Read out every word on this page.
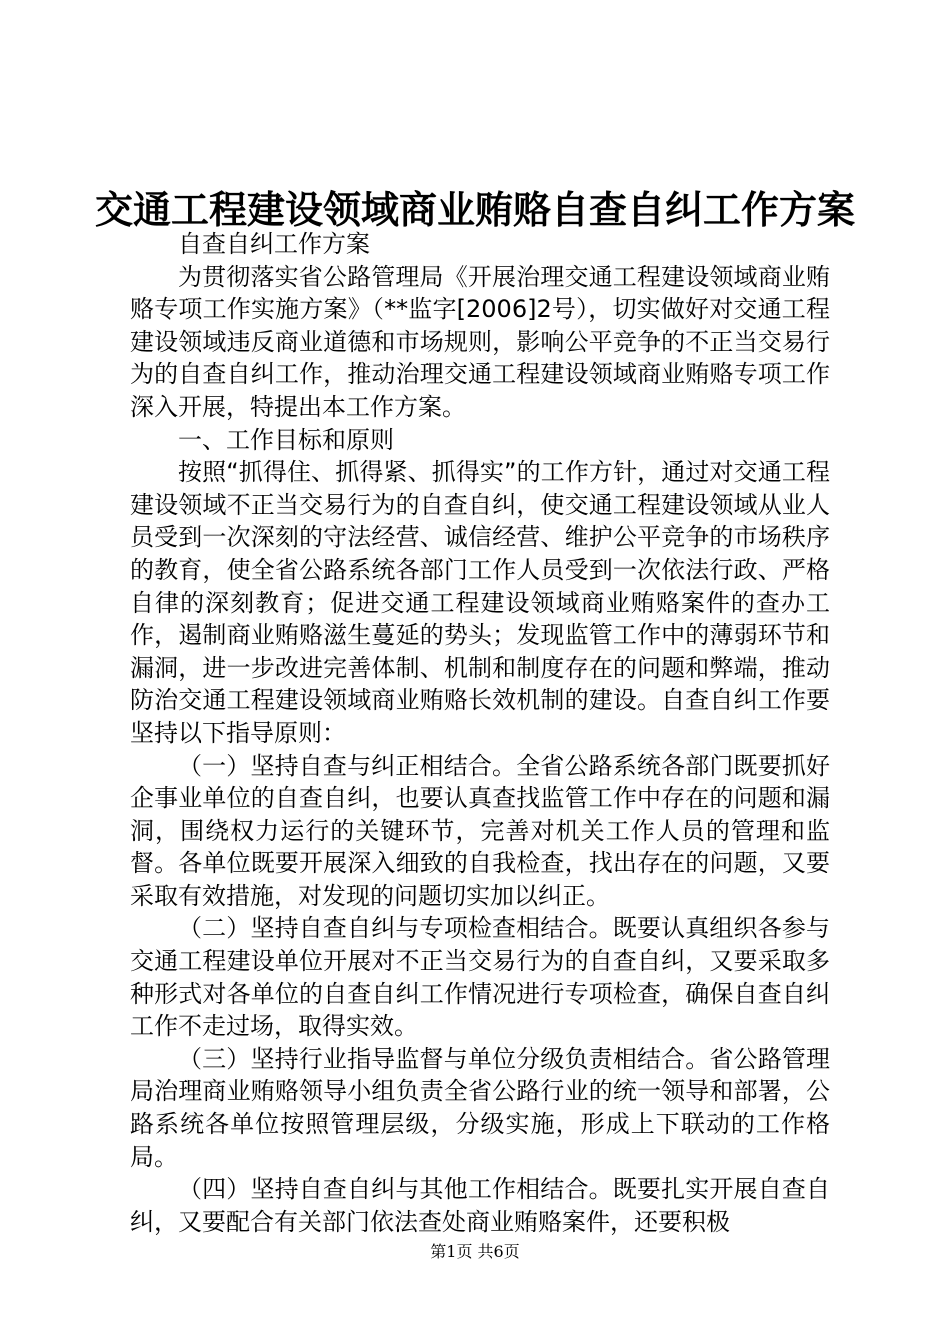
交通工程建设领域商业贿赂自查自纠工作方案

自查自纠工作方案

为贯彻落实省公路管理局《开展治理交通工程建设领域商业贿赂专项工作实施方案》（**监字[2006]2号），切实做好对交通工程建设领域违反商业道德和市场规则，影响公平竞争的不正当交易行为的自查自纠工作，推动治理交通工程建设领域商业贿赂专项工作深入开展，特提出本工作方案。

一、工作目标和原则

按照“抓得住、抓得紧、抓得实”的工作方针，通过对交通工程建设领域不正当交易行为的自查自纠，使交通工程建设领域从业人员受到一次深刻的守法经营、诚信经营、维护公平竞争的市场秩序的教育，使全省公路系统各部门工作人员受到一次依法行政、严格自律的深刻教育；促进交通工程建设领域商业贿赂案件的查办工作，遏制商业贿赂滋生蔓延的势头；发现监管工作中的薄弱环节和漏洞，进一步改进完善体制、机制和制度存在的问题和弊端，推动防治交通工程建设领域商业贿赂长效机制的建设。自查自纠工作要坚持以下指导原则：

（一）坚持自查与纠正相结合。全省公路系统各部门既要抓好企事业单位的自查自纠，也要认真查找监管工作中存在的问题和漏洞，围绕权力运行的关键环节，完善对机关工作人员的管理和监督。各单位既要开展深入细致的自我检查，找出存在的问题，又要采取有效措施，对发现的问题切实加以纠正。

（二）坚持自查自纠与专项检查相结合。既要认真组织各参与交通工程建设单位开展对不正当交易行为的自查自纠，又要采取多种形式对各单位的自查自纠工作情况进行专项检查，确保自查自纠工作不走过场，取得实效。

（三）坚持行业指导监督与单位分级负责相结合。省公路管理局治理商业贿赂领导小组负责全省公路行业的统一领导和部署，公路系统各单位按照管理层级，分级实施，形成上下联动的工作格局。

（四）坚持自查自纠与其他工作相结合。既要扎实开展自查自纠，又要配合有关部门依法查处商业贿赂案件，还要积极

第1页 共6页
